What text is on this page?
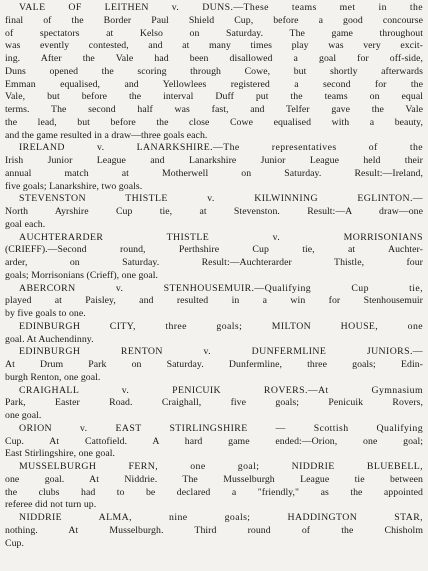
VALE OF LEITHEN v. DUNS.—These teams met in the
final of the Border Paul Shield Cup, before a good concourse
of spectators at Kelso on Saturday. The game throughout
was evently contested, and at many times play was very excit-
ing. After the Vale had been disallowed a goal for off-side,
Duns opened the scoring through Cowe, but shortly afterwards
Emman equalised, and Yellowlees registered a second for the
Vale, but before the interval Duff put the teams on equal
terms. The second half was fast, and Telfer gave the Vale
the lead, but before the close Cowe equalised with a beauty,
and the game resulted in a draw—three goals each.
IRELAND v. LANARKSHIRE.—The representatives of the
Irish Junior League and Lanarkshire Junior League held their
annual match at Motherwell on Saturday. Result:—Ireland,
five goals; Lanarkshire, two goals.
STEVENSTON THISTLE v. KILWINNING EGLINTON.—
North Ayrshire Cup tie, at Stevenston. Result:—A draw—one
goal each.
AUCHTERARDER THISTLE v. MORRISONIANS
(CRIEFF).—Second round, Perthshire Cup tie, at Auchter-
arder, on Saturday. Result:—Auchterarder Thistle, four
goals; Morrisonians (Crieff), one goal.
ABERCORN v. STENHOUSEMUIR.—Qualifying Cup tie,
played at Paisley, and resulted in a win for Stenhousemuir
by five goals to one.
EDINBURGH CITY, three goals; MILTON HOUSE, one
goal. At Auchendinny.
EDINBURGH RENTON v. DUNFERMLINE JUNIORS.—
At Drum Park on Saturday. Dunfermline, three goals; Edin-
burgh Renton, one goal.
CRAIGHALL v. PENICUIK ROVERS.—At Gymnasium
Park, Easter Road. Craighall, five goals; Penicuik Rovers,
one goal.
ORION v. EAST STIRLINGSHIRE — Scottish Qualifying
Cup. At Cattofield. A hard game ended:—Orion, one goal;
East Stirlingshire, one goal.
MUSSELBURGH FERN, one goal; NIDDRIE BLUEBELL,
one goal. At Niddrie. The Musselburgh League tie between
the clubs had to be declared a "friendly," as the appointed
referee did not turn up.
NIDDRIE ALMA, nine goals; HADDINGTON STAR,
nothing. At Musselburgh. Third round of the Chisholm
Cup.
